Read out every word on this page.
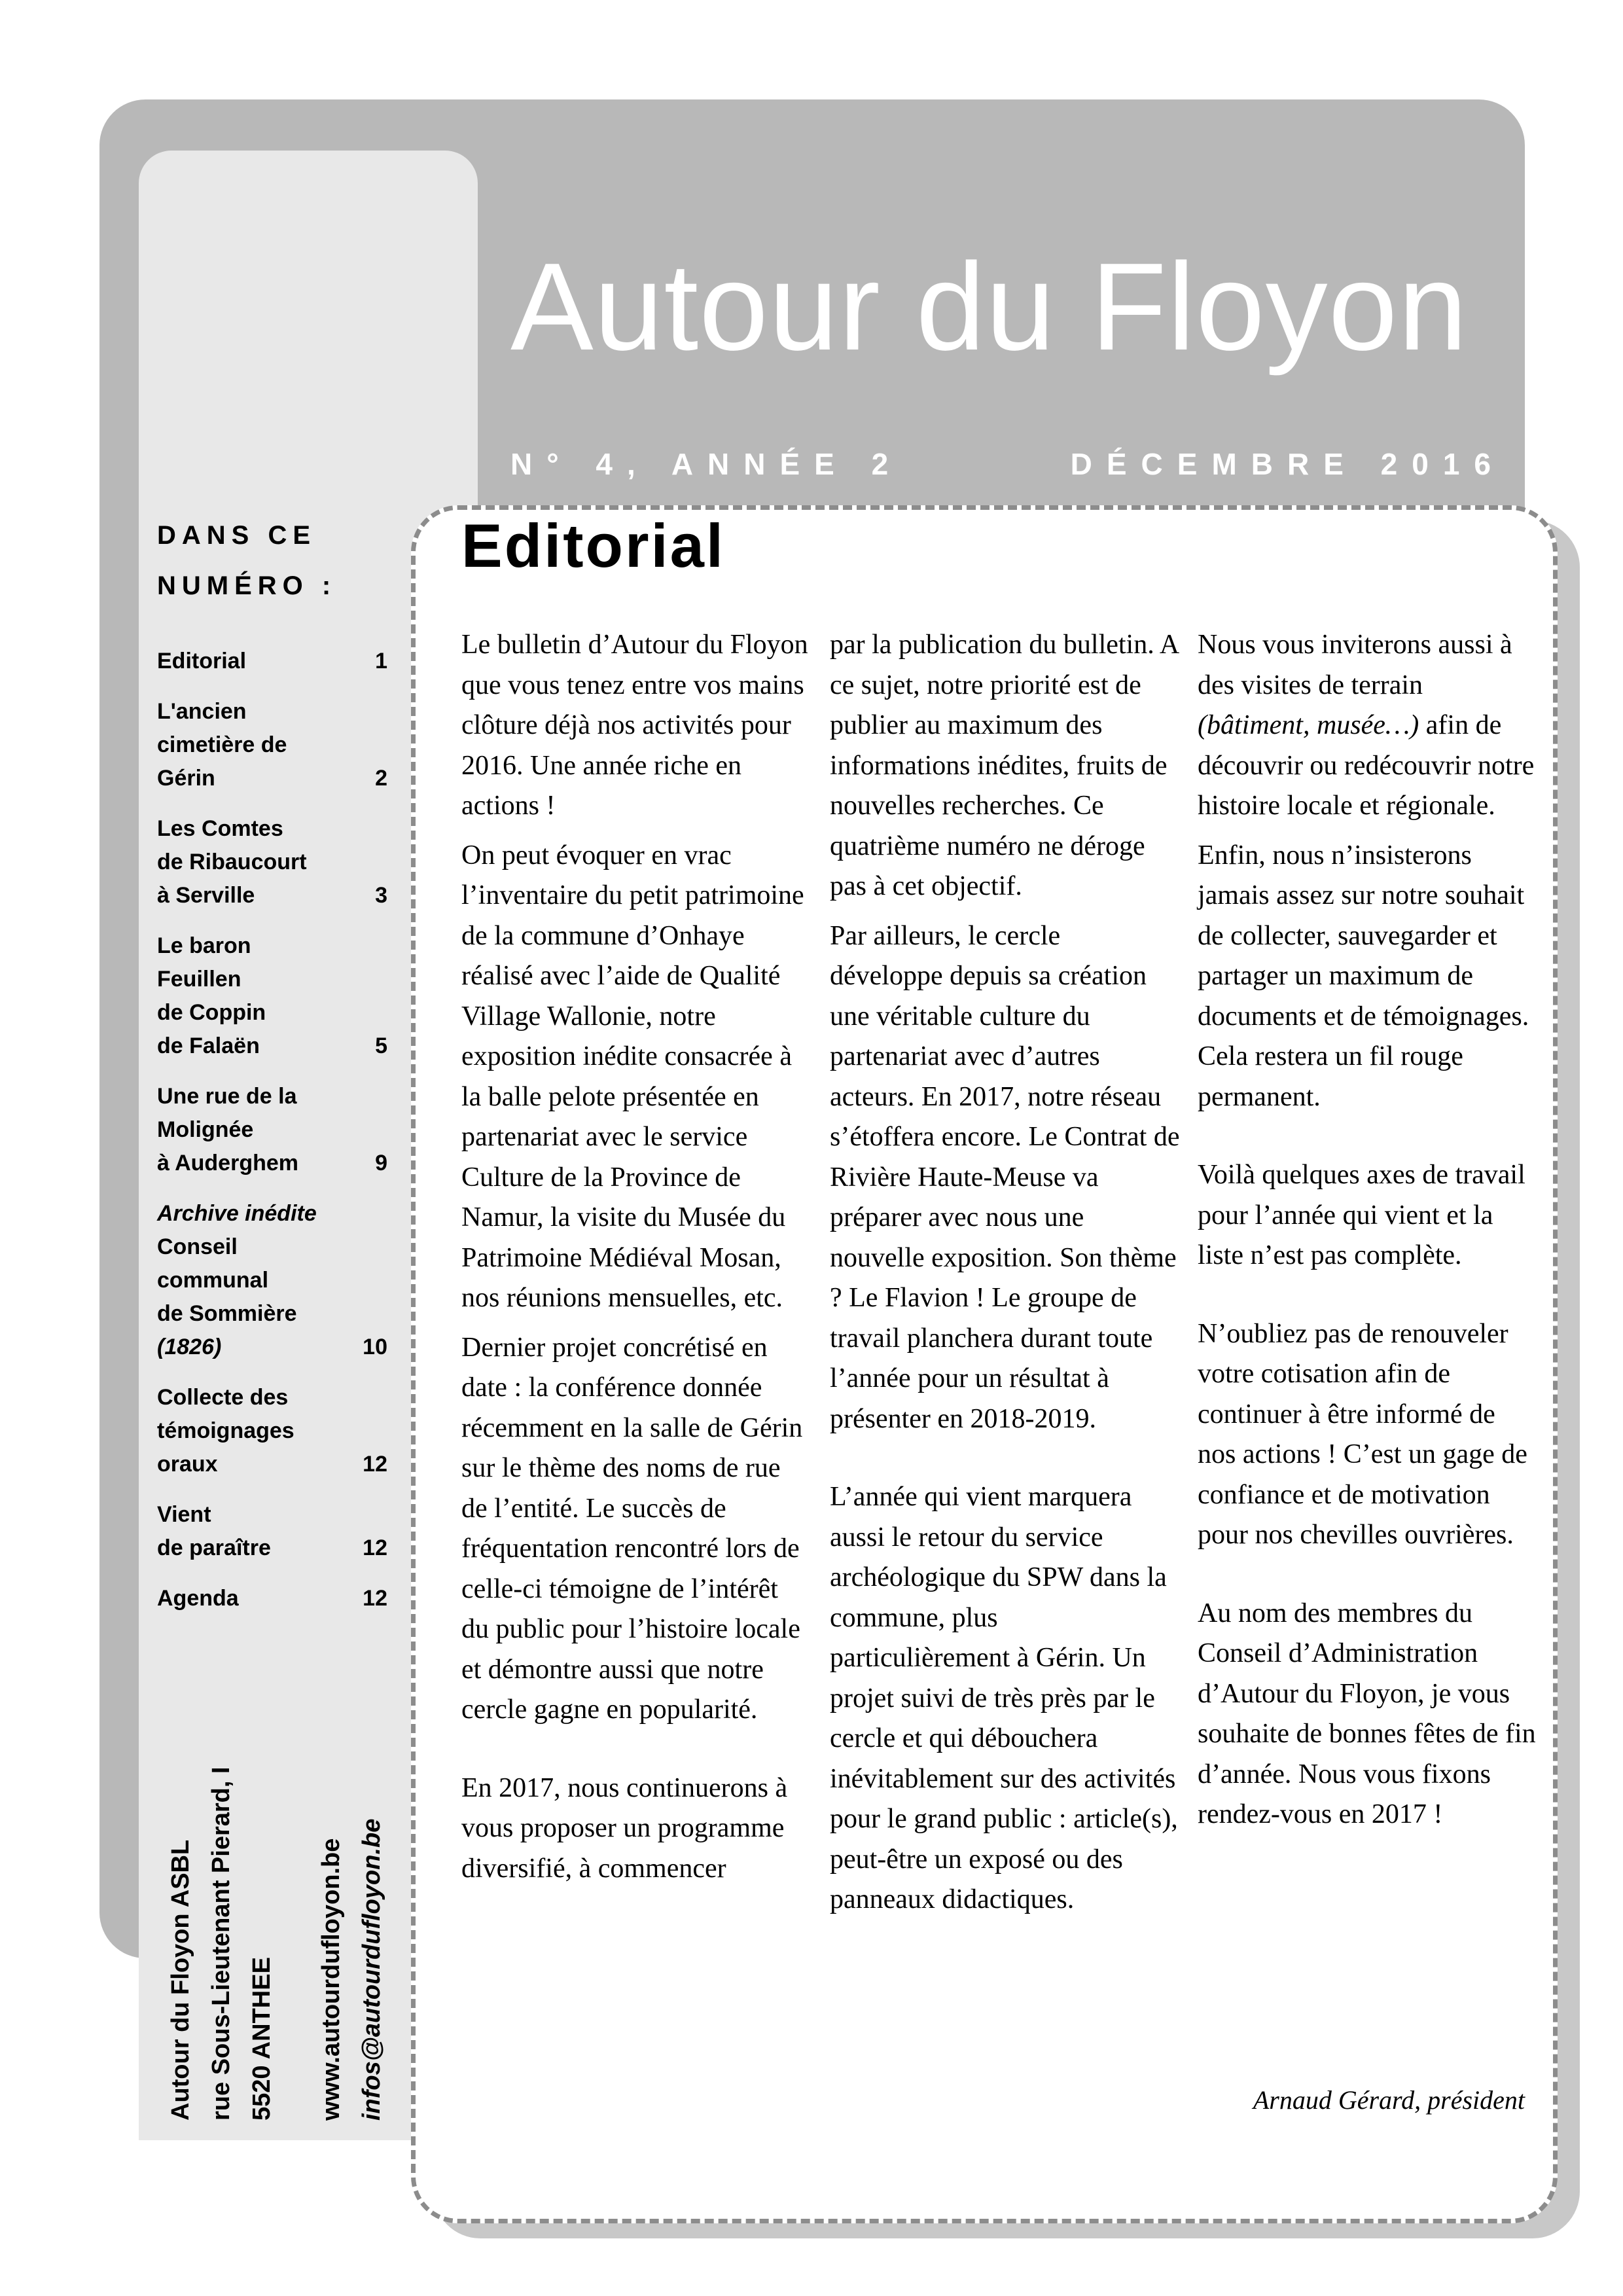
Autour du Floyon
N° 4, ANNÉE 2	DÉCEMBRE 2016
DANS CE NUMÉRO :
Editorial	1
L'ancien
cimetière de
Gérin	2
Les Comtes
de Ribaucourt
à Serville	3
Le baron
Feuillen
de Coppin
de Falaën	5
Une rue de la
Molignée
à Auderghem	9
Archive inédite
Conseil
communal
de Sommière
(1826)	10
Collecte des
témoignages
oraux	12
Vient
de paraître	12
Agenda	12
Autour du Floyon ASBL rue Sous-Lieutenant Pierard, I 5520 ANTHEE www.autourdufloyon.be infos@autourdufloyon.be
Editorial

Le bulletin d’Autour du Floyon que vous tenez entre vos mains clôture déjà nos activités pour 2016. Une année riche en actions !

On peut évoquer en vrac l’inventaire du petit patrimoine de la commune d’Onhaye réalisé avec l’aide de Qualité Village Wallonie, notre exposition inédite consacrée à la balle pelote présentée en partenariat avec le service Culture de la Province de Namur, la visite du Musée du Patrimoine Médiéval Mosan, nos réunions mensuelles, etc.

Dernier projet concrétisé en date : la conférence donnée récemment en la salle de Gérin sur le thème des noms de rue de l’entité. Le succès de fréquentation rencontré lors de celle-ci témoigne de l’intérêt du public pour l’histoire locale et démontre aussi que notre cercle gagne en popularité.

En 2017, nous continuerons à vous proposer un programme diversifié, à commencer

par la publication du bulletin. A ce sujet, notre priorité est de publier au maximum des informations inédites, fruits de nouvelles recherches. Ce quatrième numéro ne déroge pas à cet objectif.

Par ailleurs, le cercle développe depuis sa création une véritable culture du partenariat avec d’autres acteurs. En 2017, notre réseau s’étoffera encore. Le Contrat de Rivière Haute-Meuse va préparer avec nous une nouvelle exposition. Son thème ? Le Flavion ! Le groupe de travail planchera durant toute l’année pour un résultat à présenter en 2018-2019.

L’année qui vient marquera aussi le retour du service archéologique du SPW dans la commune, plus particulièrement à Gérin. Un projet suivi de très près par le cercle et qui débouchera inévitablement sur des activités pour le grand public : article(s), peut-être un exposé ou des panneaux didactiques.

Nous vous inviterons aussi à des visites de terrain (bâtiment, musée…) afin de découvrir ou redécouvrir notre histoire locale et régionale.

Enfin, nous n’insisterons jamais assez sur notre souhait de collecter, sauvegarder et partager un maximum de documents et de témoignages. Cela restera un fil rouge permanent.

Voilà quelques axes de travail pour l’année qui vient et la liste n’est pas complète.

N’oubliez pas de renouveler votre cotisation afin de continuer à être informé de nos actions ! C’est un gage de confiance et de motivation pour nos chevilles ouvrières.

Au nom des membres du Conseil d’Administration d’Autour du Floyon, je vous souhaite de bonnes fêtes de fin d’année. Nous vous fixons rendez-vous en 2017 !

Arnaud Gérard, président
